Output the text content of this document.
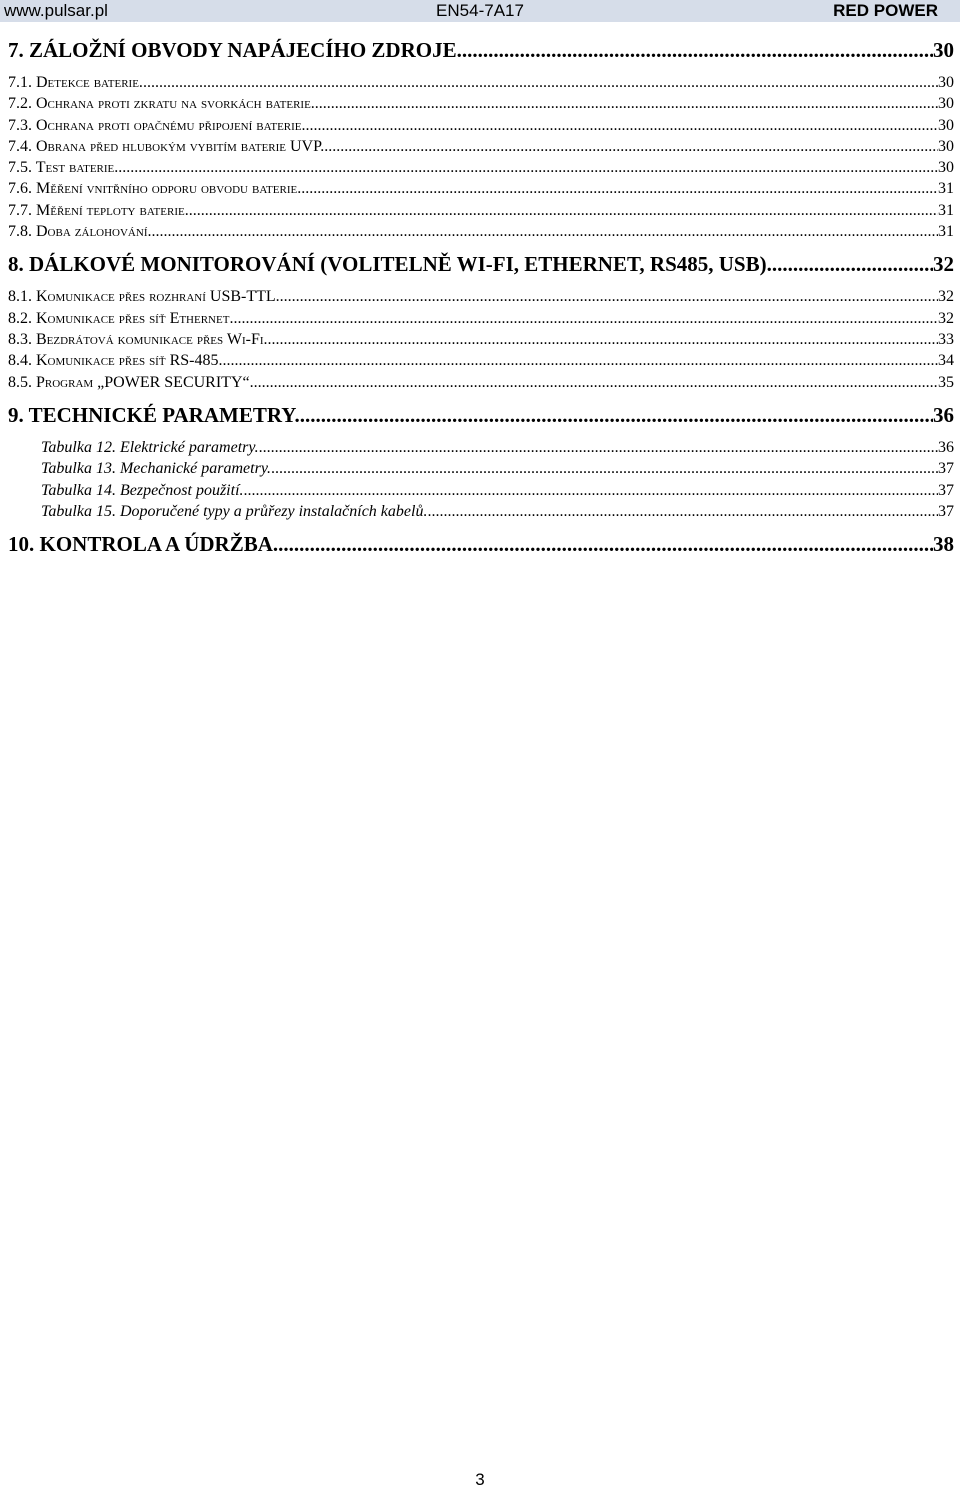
EN54-7A17
www.pulsar.pl	RED POWER
7. ZÁLOŽNÍ OBVODY NAPÁJECÍHO ZDROJE. .....	30
7.1. Detekce baterie. .....	30
7.2. Ochrana proti zkratu na svorkách baterie. .....	30
7.3. Ochrana proti opačnému připojení baterie. .....	30
7.4. Obrana před hlubokým vybitím baterie UVP. .....	30
7.5. Test baterie. .....	30
7.6. Měření vnitřního odporu obvodu baterie. .....	31
7.7. Měření teploty baterie. .....	31
7.8. Doba zálohování. .....	31
8. DÁLKOVÉ MONITOROVÁNÍ (VOLITELNĚ WI-FI, ETHERNET, RS485, USB). .....	32
8.1. Komunikace přes rozhraní USB-TTL. .....	32
8.2. Komunikace přes síť Ethernet. .....	32
8.3. Bezdrátová komunikace přes Wi-Fi. .....	33
8.4. Komunikace přes síť RS-485. .....	34
8.5. Program „POWER SECURITY“ .....	35
9. TECHNICKÉ PARAMETRY. .....	36
Tabulka 12. Elektrické parametry. .....	36
Tabulka 13. Mechanické parametry. .....	37
Tabulka 14. Bezpečnost použití. .....	37
Tabulka 15. Doporučené typy a průřezy instalačních kabelů. .....	37
10. KONTROLA A ÚDRŽBA. .....	38
3
